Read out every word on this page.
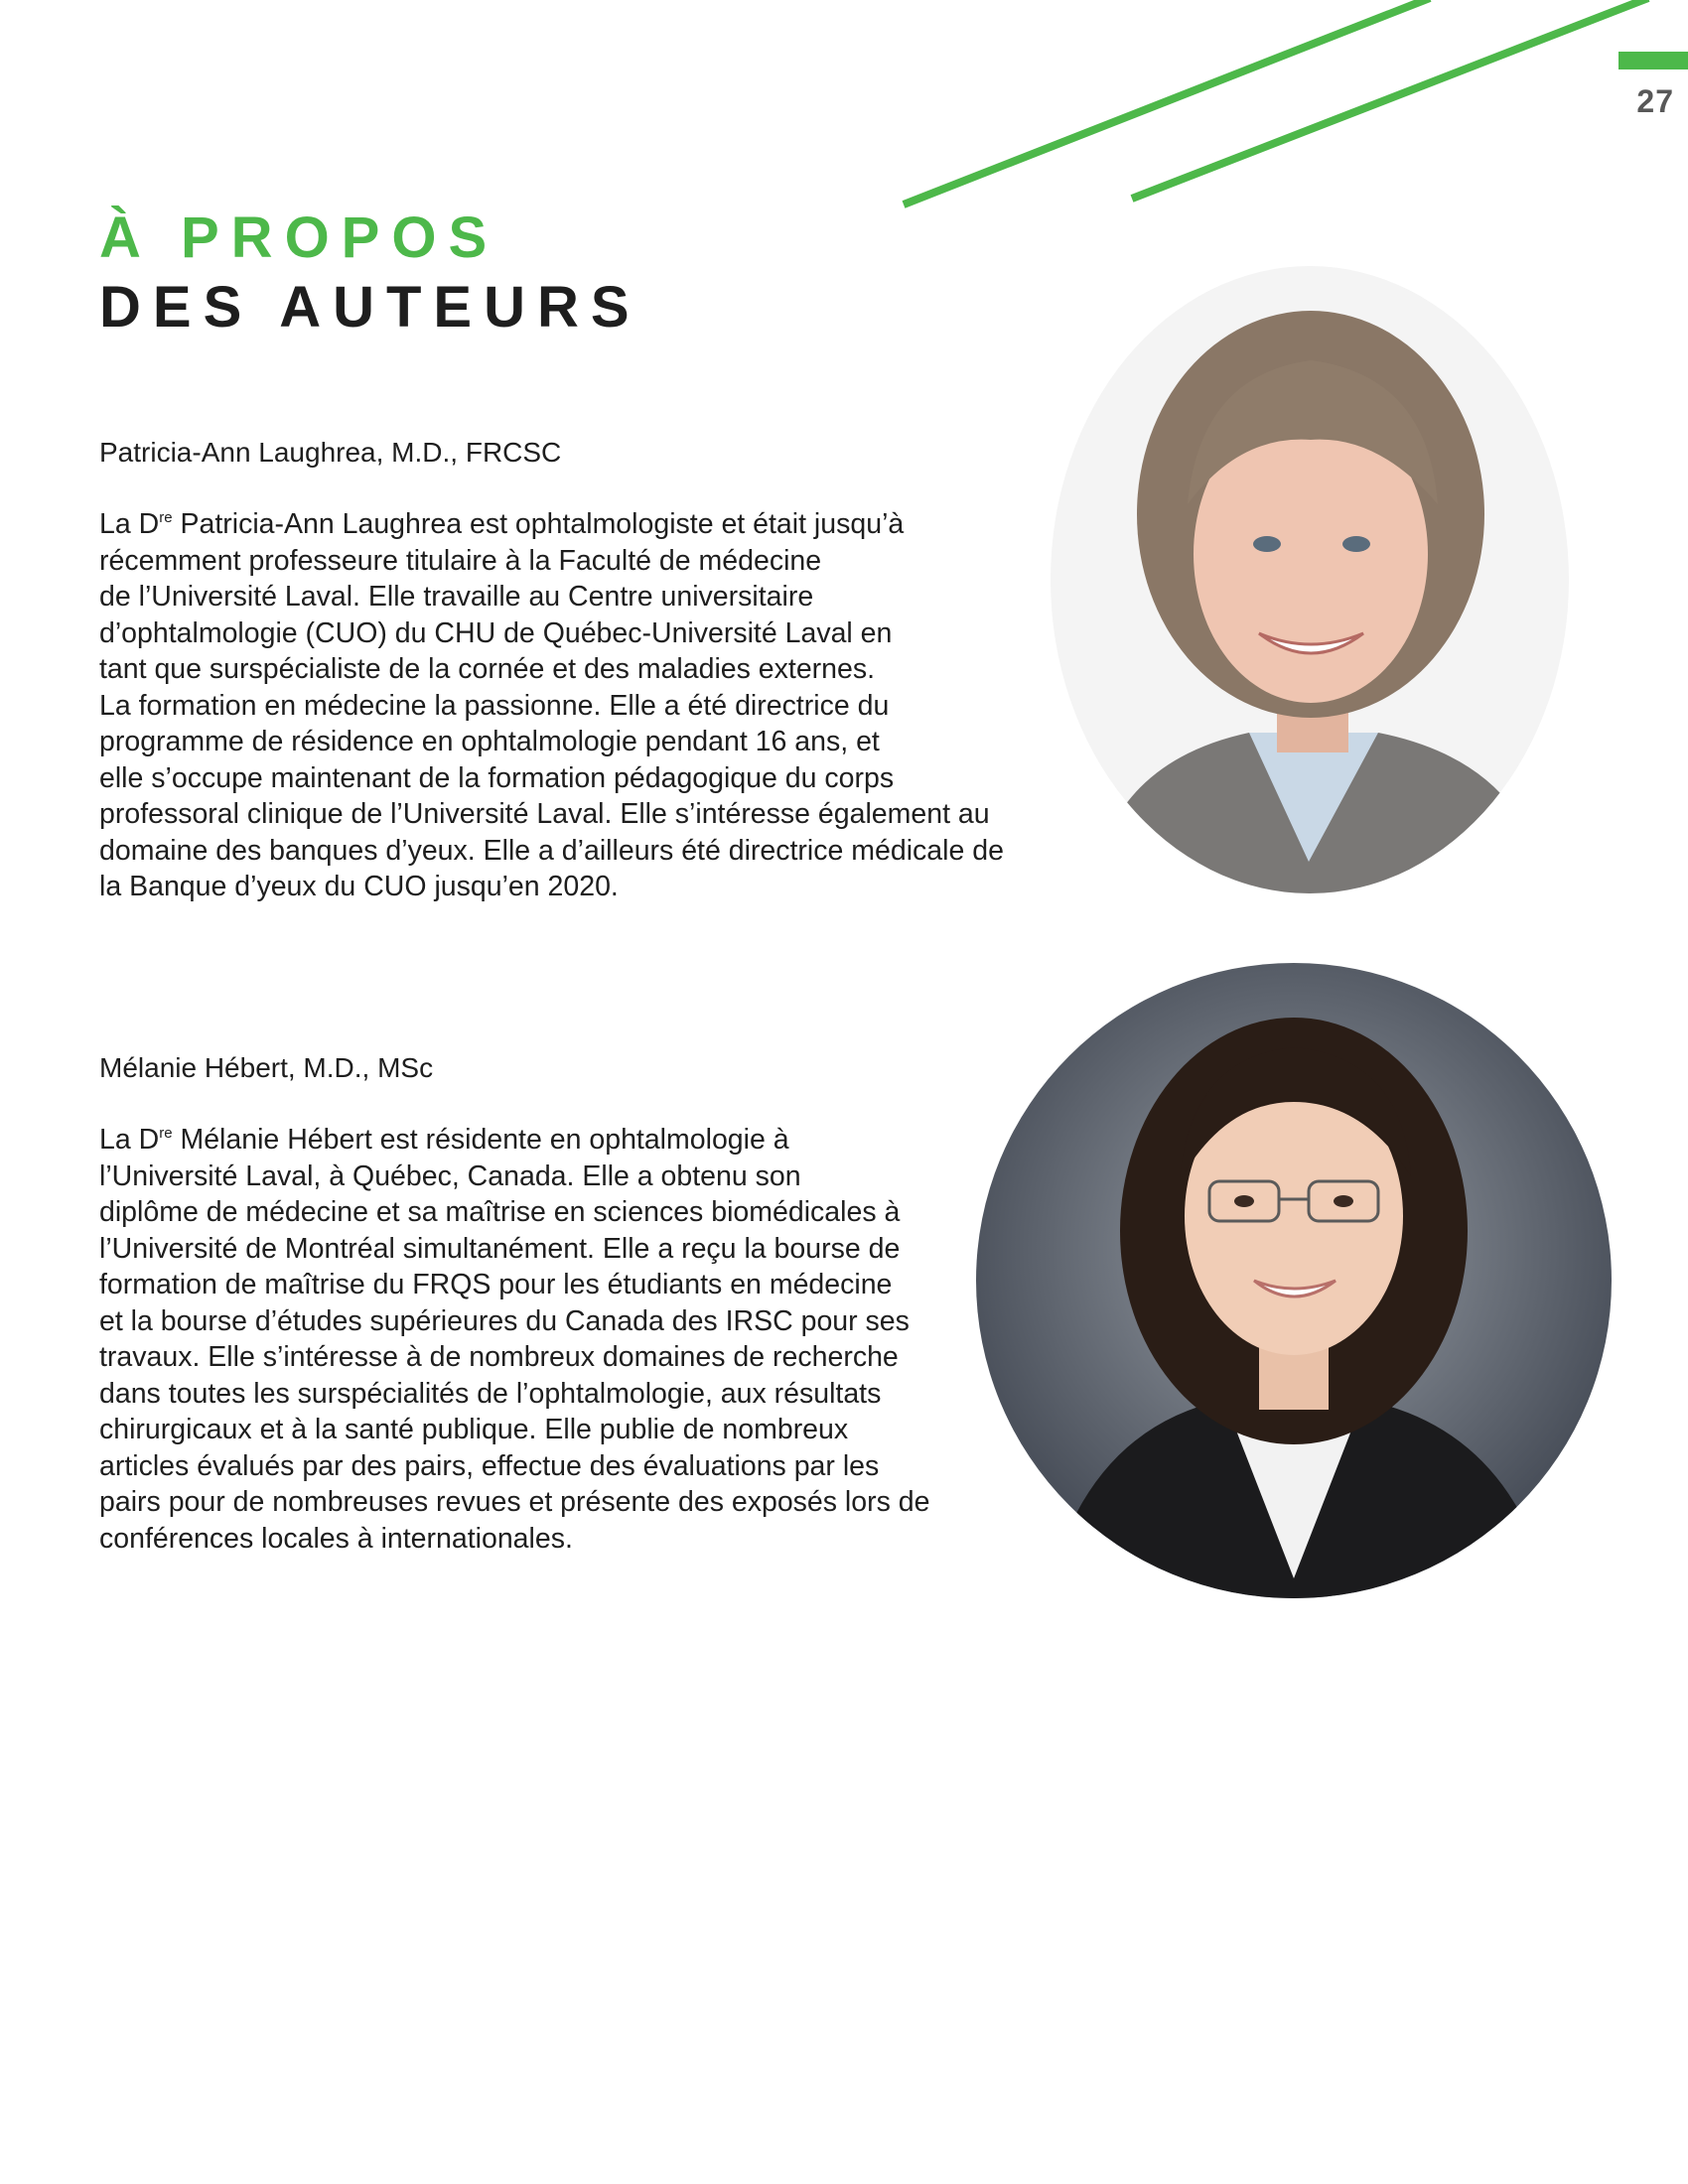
27
À PROPOS
DES AUTEURS
Patricia-Ann Laughrea, M.D., FRCSC
La Dre Patricia-Ann Laughrea est ophtalmologiste et était jusqu’à
récemment professeure titulaire à la Faculté de médecine
de l’Université Laval. Elle travaille au Centre universitaire
d’ophtalmologie (CUO) du CHU de Québec-Université Laval en
tant que surspécialiste de la cornée et des maladies externes.
La formation en médecine la passionne. Elle a été directrice du
programme de résidence en ophtalmologie pendant 16 ans, et
elle s’occupe maintenant de la formation pédagogique du corps
professoral clinique de l’Université Laval. Elle s’intéresse également au
domaine des banques d’yeux. Elle a d’ailleurs été directrice médicale de
la Banque d’yeux du CUO jusqu’en 2020.
Mélanie Hébert, M.D., MSc
La Dre Mélanie Hébert est résidente en ophtalmologie à
l’Université Laval, à Québec, Canada. Elle a obtenu son
diplôme de médecine et sa maîtrise en sciences biomédicales à
l’Université de Montréal simultanément. Elle a reçu la bourse de
formation de maîtrise du FRQS pour les étudiants en médecine
et la bourse d’études supérieures du Canada des IRSC pour ses
travaux. Elle s’intéresse à de nombreux domaines de recherche
dans toutes les surspécialités de l’ophtalmologie, aux résultats
chirurgicaux et à la santé publique. Elle publie de nombreux
articles évalués par des pairs, effectue des évaluations par les
pairs pour de nombreuses revues et présente des exposés lors de
conférences locales à internationales.
